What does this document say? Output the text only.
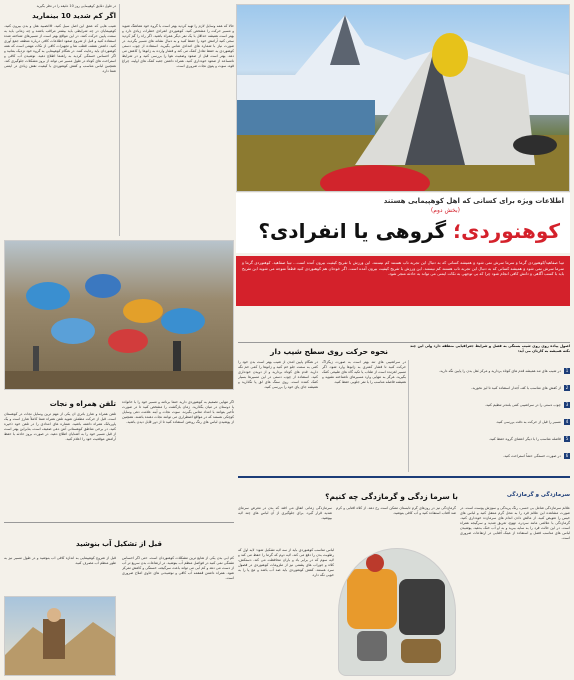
اطلاعات ویژه برای کسانی که اهل کوهپیمایی هستند
(بخش دوم)
کوهنوردی؛ گروهی یا انفرادی؟
تیبا صفاهید/کوهنوردی گرما و سرما سرش نمی شود و همیشه کسانی که به دنبال این تجربه تاب هستند کم نیستند. این ورزش با تفریح کیفیت بیرون آمده است... تیبا صفاهید. کوهنوردی گرما و سرما سرش نمی شود و همیشه کسانی که به دنبال این تجربه تاب هستند کم نیستند. این ورزش با تفریح کیفیت بیرون آمده است. اگر خودتان هم کوهنوردی کنید قطعاً متوجه می شوید این تفریح باید با کسب آگاهی و دانش کافی انجام شود چرا که بی توجهی به نکات ایمنی می تواند به حادثه منجر شود.
اگر کم شدید 10 بینمارید
در طول دقایق کوهپیمایی روز 10 دقیقه را در نظر بگیرید
شیب هایی که عمق این اصل سیل کنید. #اتصبید هتل و بدن بیرون کنید. کوهپیمایان در چه شرایطی باید بیشتر مراقب باشند و چه زمانی باید به سمت پایین حرکت کنند. در این مواقع بهتر است از مسیرهای شناخته شده استفاده کنید و قبل از شروع صعود اطلاعات کافی درباره منطقه جمع آوری کنید. داشتن نقشه، قطب نما و تجهیزات کافی از نکات مهمی است که همه کوهنوردان باید رعایت کنند. در هنگام کوهپیمایی به گروه خود نزدیک بمانید و اگر احساس خستگی کردید به راهنما اطلاع دهید. نوشیدن آب کافی و استراحت های کوتاه در طول مسیر می تواند از بروز مشکلات جلوگیری کند. همچنین لباس مناسب و کفش کوهنوردی با کیفیت نقش زیادی در ایمنی شما دارد.
حالا که همه وسایل لازم را تهیه کردید بهتر است با گروه خود هماهنگ شوید و مسیر حرکت را مشخص کنید. کوهنوردی انفرادی خطرات زیادی دارد و بهتر است همیشه حداقل با یک نفر دیگر همراه باشید. اگر راه را گم کردید سعی کنید آرامش خود را حفظ کنید و به دنبال نشانه های مسیر بگردید. در صورت نیاز با شماره های امدادی تماس بگیرید. استفاده از چوب دستی کوهنوردی به حفظ تعادل کمک می کند و فشار وارده به زانوها را کاهش می دهد. بهتر است قبل از صعود وضعیت هوا را بررسی کنید و در شرایط نامساعد از صعود خودداری کنید. همراه داشتن جعبه کمک های اولیه، چراغ قوه، سوت و پتوی نجات ضروری است.
تلفن همراه و نجات
تلفن همراه و شارژ باتری آن یکی از مهم ترین وسایل نجات در کوهستان است. قبل از حرکت مطمئن شوید تلفن همراه شما کاملاً شارژ است و یک پاوربانک همراه داشته باشید. شماره های امدادی را در تلفن خود ذخیره کنید. در برخی مناطق کوهستانی آنتن دهی ضعیف است، بنابراین بهتر است از قبل مسیر خود را به آشنایان اطلاع دهید. در صورت بروز حادثه با حفظ آرامش موقعیت خود را اعلام کنید.
اگر تنهایی تصمیم به کوهنوردی دارید حتماً برنامه و مسیر خود را با خانواده یا دوستان در میان بگذارید. زمان بازگشت را مشخص کنید تا در صورت تأخیر بتوانند با امداد تماس بگیرند. سوت نجات و آینه علامت دهی وسایل کوچکی هستند که در مواقع اضطراری می توانند نجات دهنده باشند. همچنین از پوشیدن لباس های رنگ روشن استفاده کنید تا از دور قابل دیدن باشید.
قبل از تشکیل آب بنوشید
کم آبی بدن یکی از شایع ترین مشکلات کوهنوردان است. حتی اگر احساس تشنگی نمی کنید در فواصل منظم آب بنوشید. در ارتفاعات بدن سریع تر آب از دست می دهد و کم آبی می تواند باعث سرگیجه، خستگی و کاهش تمرکز شود. همراه داشتن قمقمه آب کافی و نوشیدنی های حاوی املاح ضروری است.
قبل از شروع کوهپیمایی به اندازه کافی آب بنوشید و در طول مسیر نیز به طور منظم آب مصرف کنید.
نحوه حرکت روی سطح شیب دار
اصول پیاده روی روی شیب بستگی به فصل و شرایط جغرافیایی منطقه دارد ولی این چند نکته همیشه به کارتان می آید:
در هنگام پایین آمدن از شیب بهتر است بدن خود را کمی به سمت جلو خم کنید و زانوها را کمی خم نگه دارید. قدم های کوتاه بردارید و از دویدن خودداری کنید. استفاده از چوب دستی در این مسیرها بسیار کمک کننده است. روی سنگ های لق پا نگذارید و همیشه جای پای خود را بررسی کنید.
در سراشیبی های تند بهتر است به صورت زیگزاگ حرکت کنید تا فشار کمتری به زانوها وارد شود. اگر مسیر لغزنده است از طناب یا تکیه گاه های طبیعی کمک بگیرید. هرگز به تنهایی وارد مسیرهای ناشناخته نشوید و همیشه فاصله مناسب را با نفر جلویی حفظ کنید.
1 در شیب های تند همیشه قدم های کوتاه بردارید و مرکز ثقل بدن را پایین نگه دارید.
2 از کفش های مناسب با کف آجدار استفاده کنید تا لیز نخورید.
3 چوب دستی را در سراشیبی کمی بلندتر تنظیم کنید.
4 مسیر را قبل از حرکت به دقت بررسی کنید.
5 فاصله مناسب را با دیگر اعضای گروه حفظ کنید.
6 در صورت خستگی حتماً استراحت کنید.
با سرما زدگی و گرمازدگی چه کنیم؟	سرمازدگی و گرمازدگی
سرمازدگی زمانی اتفاق می افتد که بدن در معرض سرمای شدید قرار گیرد. برای جلوگیری از آن لباس های چند لایه بپوشید.
گرمازدگی نیز در روزهای گرم تابستان ممکن است رخ دهد. از کلاه آفتابی و کرم ضد آفتاب استفاده کنید و آب کافی بنوشید.
علائم سرمازدگی شامل بی حسی، رنگ پریدگی و سوزش پوست است. در صورت مشاهده این علائم فرد را به محل گرم منتقل کنید و لباس های خیس را تعویض کنید. از مالش دادن اندام های سرمازده خودداری کنید. گرمازدگی با علائمی مانند سردرد، تهوع، تعریق شدید و سرگیجه همراه است. در این حالت فرد را به سایه ببرید و به او آب خنک بدهید. پوشیدن لباس های مناسب فصل و استفاده از عینک آفتابی در ارتفاعات ضروری است.
لباس مناسب کوهنوردی باید از سه لایه تشکیل شود: لایه اول که رطوبت بدن را دفع می کند، لایه دوم که گرما را حفظ می کند و لایه سوم که در برابر باد و باران محافظت می کند. دستکش، کلاه و جوراب های پشمی نیز از ملزومات کوهنوردی در فصول سرد هستند. کفش کوهنوردی باید ضد آب باشد و مچ پا را به خوبی نگه دارد.
